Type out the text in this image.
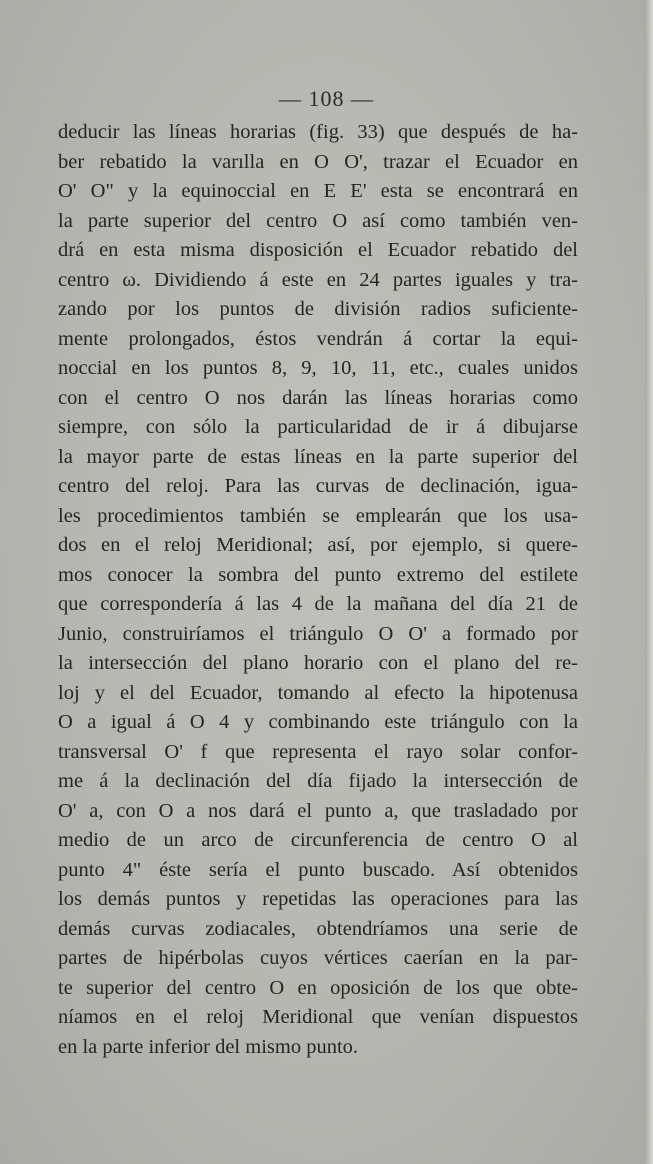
— 108 —
deducir las líneas horarias (fig. 33) que después de ha-
ber rebatido la varılla en O O', trazar el Ecuador en
O' O" y la equinoccial en E E' esta se encontrará en
la parte superior del centro O así como también ven-
drá en esta misma disposición el Ecuador rebatido del
centro ω. Dividiendo á este en 24 partes iguales y tra-
zando por los puntos de división radios suficiente-
mente prolongados, éstos vendrán á cortar la equi-
noccial en los puntos 8, 9, 10, 11, etc., cuales unidos
con el centro O nos darán las líneas horarias como
siempre, con sólo la particularidad de ir á dibujarse
la mayor parte de estas líneas en la parte superior del
centro del reloj. Para las curvas de declinación, igua-
les procedimientos también se emplearán que los usa-
dos en el reloj Meridional; así, por ejemplo, si quere-
mos conocer la sombra del punto extremo del estilete
que correspondería á las 4 de la mañana del día 21 de
Junio, construiríamos el triángulo O O' a formado por
la intersección del plano horario con el plano del re-
loj y el del Ecuador, tomando al efecto la hipotenusa
O a igual á O 4 y combinando este triángulo con la
transversal O' f que representa el rayo solar confor-
me á la declinación del día fijado la intersección de
O' a, con O a nos dará el punto a, que trasladado por
medio de un arco de circunferencia de centro O al
punto 4" éste sería el punto buscado. Así obtenidos
los demás puntos y repetidas las operaciones para las
demás curvas zodiacales, obtendríamos una serie de
partes de hipérbolas cuyos vértices caerían en la par-
te superior del centro O en oposición de los que obte-
níamos en el reloj Meridional que venían dispuestos
en la parte inferior del mismo punto.
